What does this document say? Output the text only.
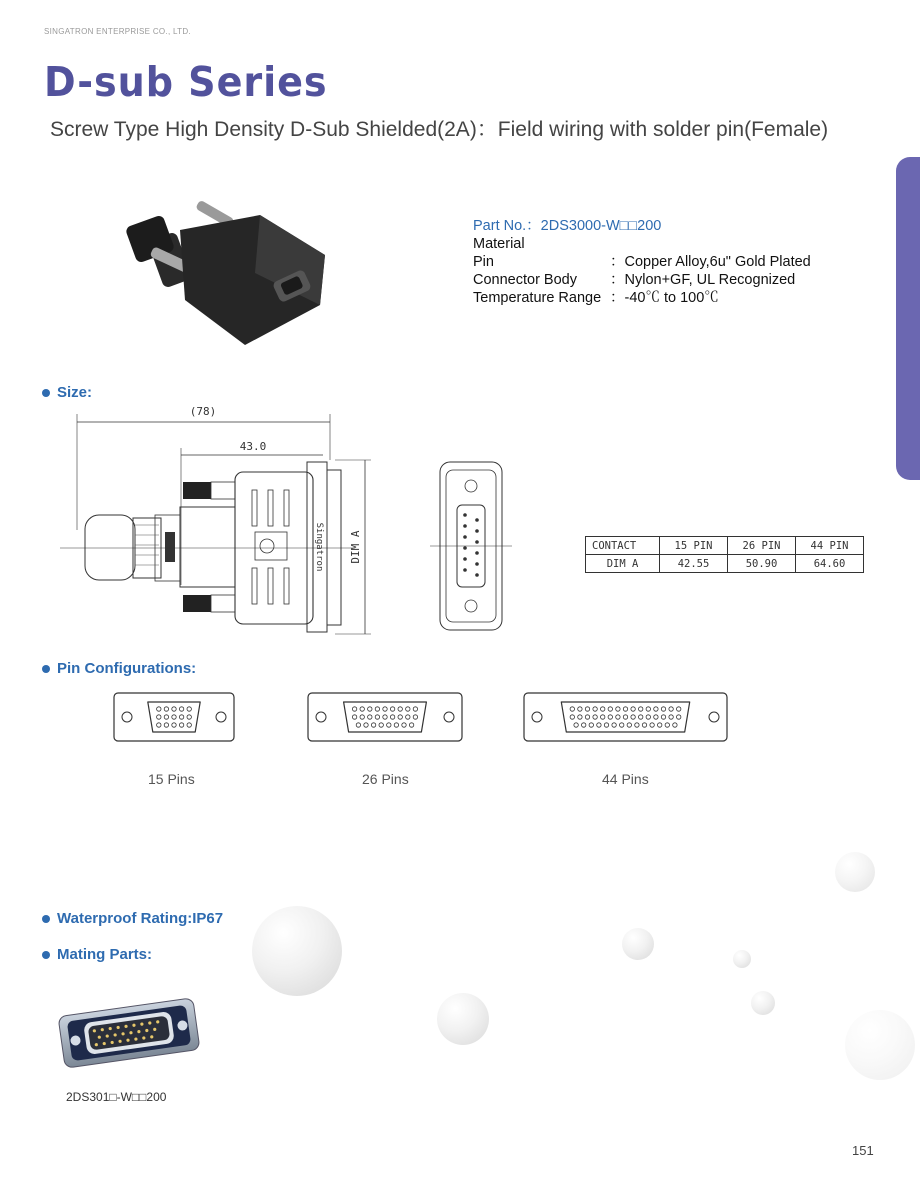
SINGATRON ENTERPRISE CO., LTD.
D-sub Series
Screw Type High Density D-Sub Shielded(2A)：Field wiring with solder pin(Female)
Part No.：2DS3000-W□□200
Material
Pin	：Copper Alloy,6u" Gold Plated
Connector Body	：Nylon+GF, UL Recognized
Temperature Range ：-40℃ to 100℃
Size:
(78)
43.0
Singatron DIM A	CONTACT	15 PIN	26 PIN	44 PIN
DIM A	42.55	50.90	64.60
Pin Configurations:
15 Pins	26 Pins	44 Pins
Waterproof Rating:IP67
Mating Parts:
2DS301□-W□□200
151
